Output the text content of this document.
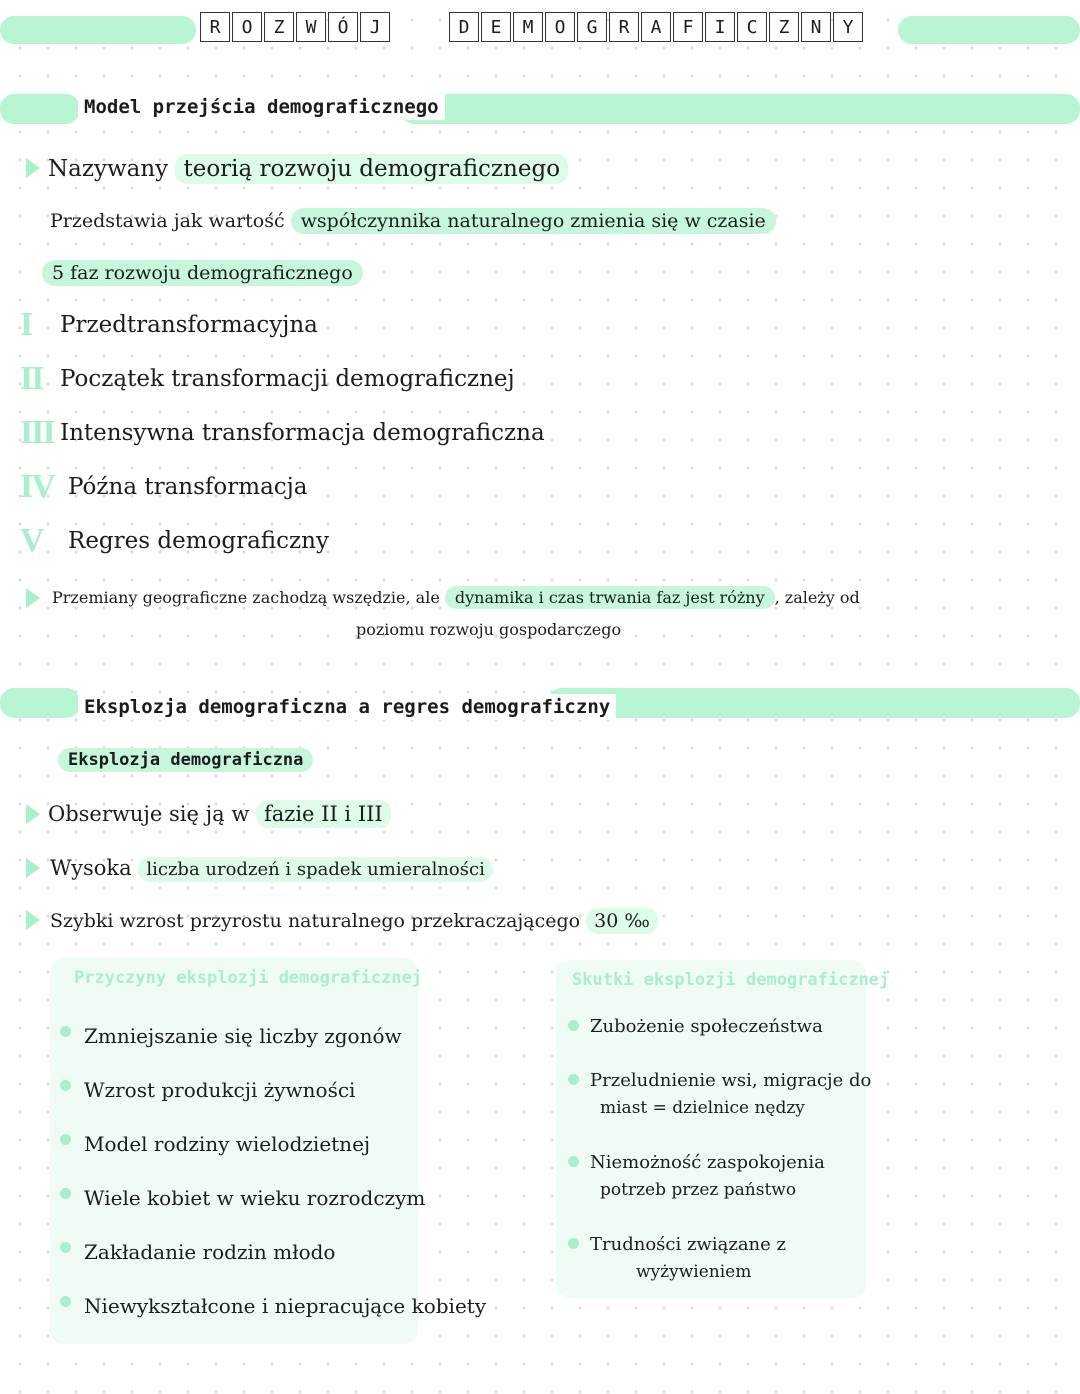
R	O	Z	W	Ó	J	D	E	M	O	G	R	A	F	I	C	Z	N	Y
Model przejścia demograficznego
Nazywany teorią rozwoju demograficznego
Przedstawia jak wartość współczynnika naturalnego zmienia się w czasie
5 faz rozwoju demograficznego
I Przedtransformacyjna
II Początek transformacji demograficznej
III Intensywna transformacja demograficzna
IV Późna transformacja
V Regres demograficzny
Przemiany geograficzne zachodzą wszędzie, ale dynamika i czas trwania faz jest różny , zależy od
poziomu rozwoju gospodarczego
Eksplozja demograficzna a regres demograficzny
Eksplozja demograficzna
Obserwuje się ją w fazie II i III
Wysoka liczba urodzeń i spadek umieralności
Szybki wzrost przyrostu naturalnego przekraczającego 30 ‰
Przyczyny eksplozji demograficznej
Zmniejszanie się liczby zgonów
Wzrost produkcji żywności
Model rodziny wielodzietnej
Wiele kobiet w wieku rozrodczym
Zakładanie rodzin młodo
Niewykształcone i niepracujące kobiety
Skutki eksplozji demograficznej
Zubożenie społeczeństwa
Przeludnienie wsi, migracje do
miast = dzielnice nędzy
Niemożność zaspokojenia
potrzeb przez państwo
Trudności związane z
wyżywieniem
